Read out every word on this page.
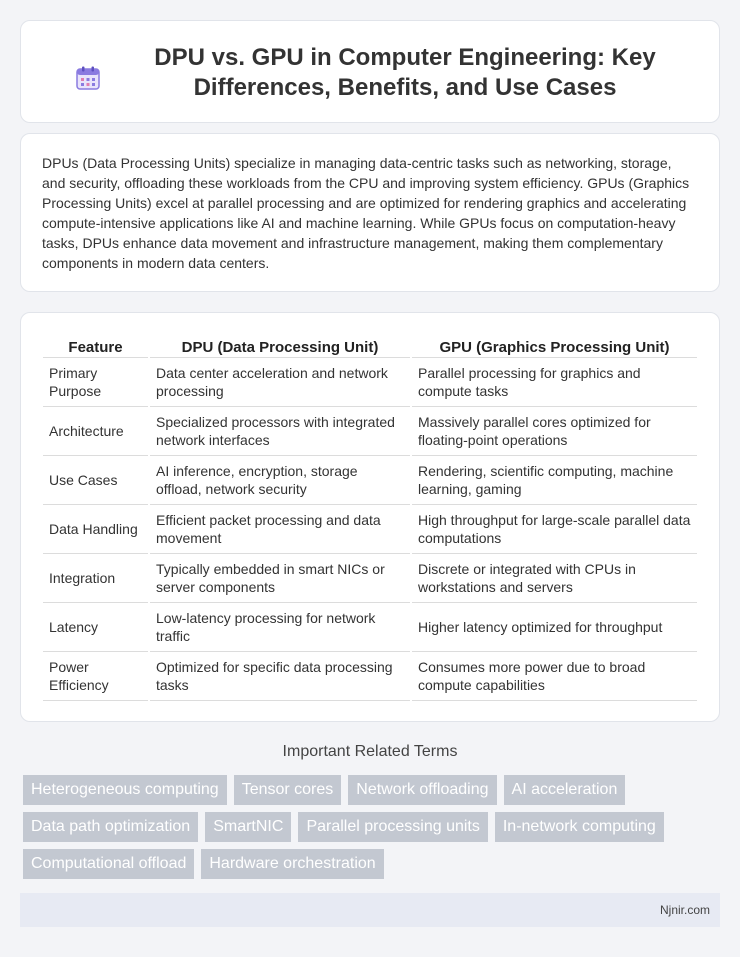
DPU vs. GPU in Computer Engineering: Key Differences, Benefits, and Use Cases

DPUs (Data Processing Units) specialize in managing data-centric tasks such as networking, storage, and security, offloading these workloads from the CPU and improving system efficiency. GPUs (Graphics Processing Units) excel at parallel processing and are optimized for rendering graphics and accelerating compute-intensive applications like AI and machine learning. While GPUs focus on computation-heavy tasks, DPUs enhance data movement and infrastructure management, making them complementary components in modern data centers.

Feature	DPU (Data Processing Unit)	GPU (Graphics Processing Unit)
Primary Purpose	Data center acceleration and network processing	Parallel processing for graphics and compute tasks
Architecture	Specialized processors with integrated network interfaces	Massively parallel cores optimized for floating-point operations
Use Cases	AI inference, encryption, storage offload, network security	Rendering, scientific computing, machine learning, gaming
Data Handling	Efficient packet processing and data movement	High throughput for large-scale parallel data computations
Integration	Typically embedded in smart NICs or server components	Discrete or integrated with CPUs in workstations and servers
Latency	Low-latency processing for network traffic	Higher latency optimized for throughput
Power Efficiency	Optimized for specific data processing tasks	Consumes more power due to broad compute capabilities
Important Related Terms
Heterogeneous computing	Tensor cores	Network offloading	AI acceleration
Data path optimization	SmartNIC	Parallel processing units	In-network computing
Computational offload	Hardware orchestration
Njnir.com
